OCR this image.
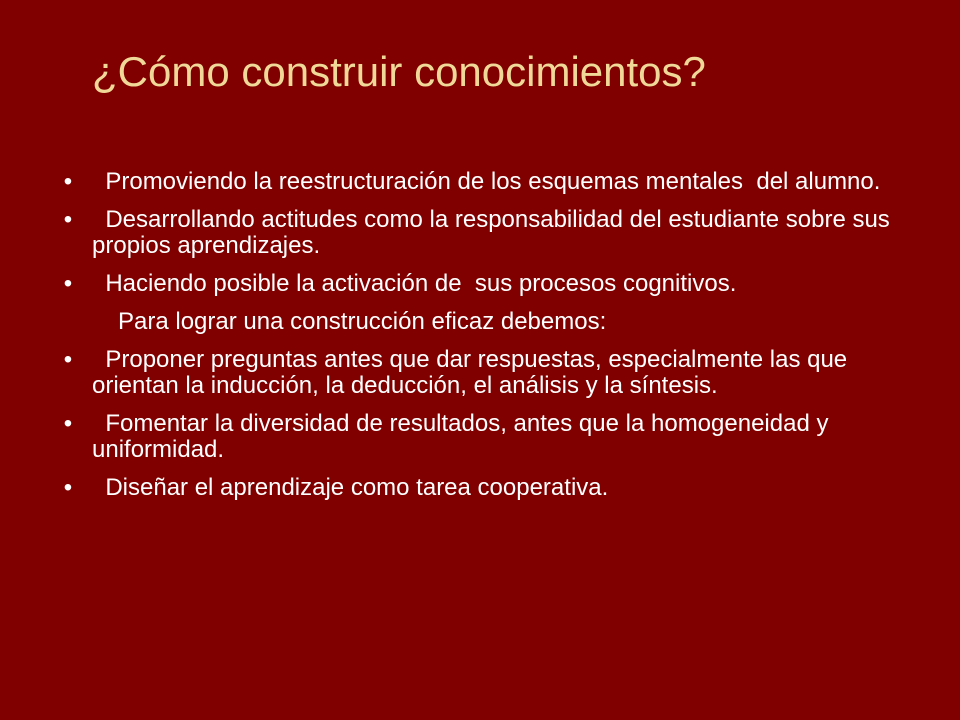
¿Cómo construir conocimientos?
• Promoviendo la reestructuración de los esquemas mentales  del alumno.
• Desarrollando actitudes como la responsabilidad del estudiante sobre sus propios aprendizajes.
• Haciendo posible la activación de  sus procesos cognitivos.
Para lograr una construcción eficaz debemos:
• Proponer preguntas antes que dar respuestas, especialmente las que orientan la inducción, la deducción, el análisis y la síntesis.
• Fomentar la diversidad de resultados, antes que la homogeneidad y uniformidad.
• Diseñar el aprendizaje como tarea cooperativa.
